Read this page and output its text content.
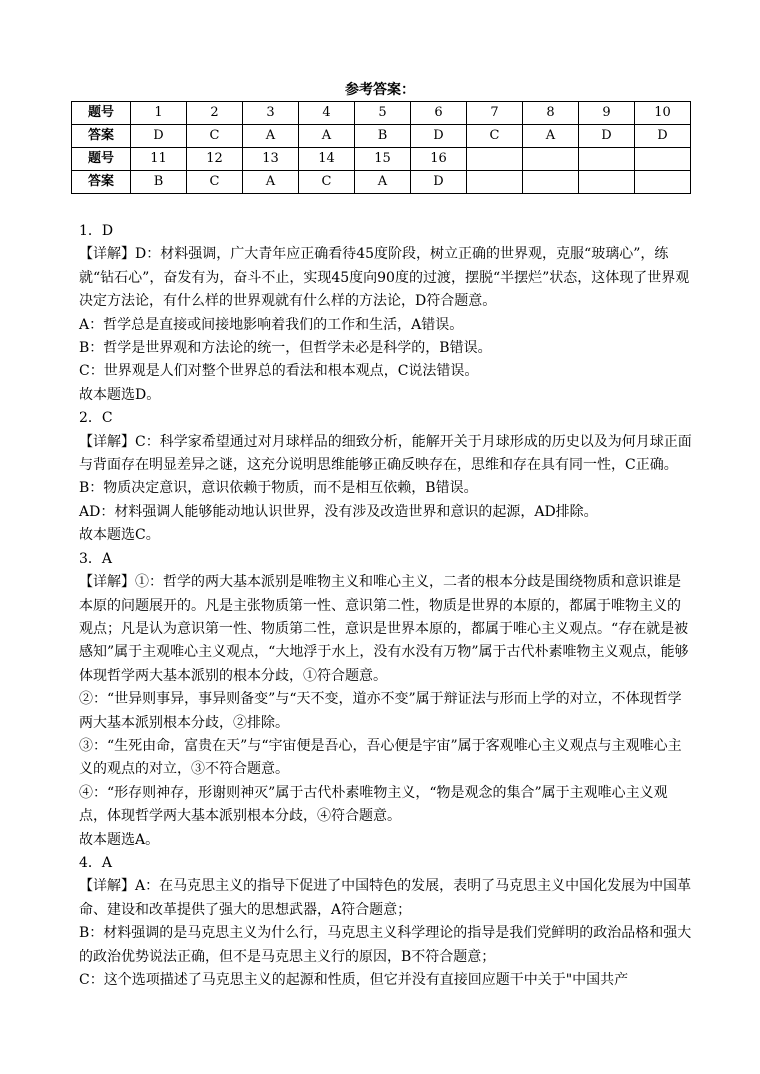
参考答案：
题号	1	2	3	4	5	6	7	8	9	10
答案	D	C	A	A	B	D	C	A	D	D
题号	11	12	13	14	15	16				
答案	B	C	A	C	A	D				

1．D

【详解】D：材料强调，广大青年应正确看待45度阶段，树立正确的世界观，克服“玻璃心”，练就“钻石心”，奋发有为，奋斗不止，实现45度向90度的过渡，摆脱“半摆烂”状态，这体现了世界观决定方法论，有什么样的世界观就有什么样的方法论，D符合题意。

A：哲学总是直接或间接地影响着我们的工作和生活，A错误。

B：哲学是世界观和方法论的统一，但哲学未必是科学的，B错误。

C：世界观是人们对整个世界总的看法和根本观点，C说法错误。

故本题选D。

2．C

【详解】C：科学家希望通过对月球样品的细致分析，能解开关于月球形成的历史以及为何月球正面与背面存在明显差异之谜，这充分说明思维能够正确反映存在，思维和存在具有同一性，C正确。

B：物质决定意识，意识依赖于物质，而不是相互依赖，B错误。

AD：材料强调人能够能动地认识世界，没有涉及改造世界和意识的起源，AD排除。

故本题选C。

3．A

【详解】①：哲学的两大基本派别是唯物主义和唯心主义，二者的根本分歧是围绕物质和意识谁是本原的问题展开的。凡是主张物质第一性、意识第二性，物质是世界的本原的，都属于唯物主义的观点；凡是认为意识第一性、物质第二性，意识是世界本原的，都属于唯心主义观点。“存在就是被感知”属于主观唯心主义观点，“大地浮于水上，没有水没有万物”属于古代朴素唯物主义观点，能够体现哲学两大基本派别的根本分歧，①符合题意。

②：“世异则事异，事异则备变”与“天不变，道亦不变”属于辩证法与形而上学的对立，不体现哲学两大基本派别根本分歧，②排除。

③：“生死由命，富贵在天”与“宇宙便是吾心，吾心便是宇宙”属于客观唯心主义观点与主观唯心主义的观点的对立，③不符合题意。

④：“形存则神存，形谢则神灭”属于古代朴素唯物主义，“物是观念的集合”属于主观唯心主义观点，体现哲学两大基本派别根本分歧，④符合题意。

故本题选A。

4．A

【详解】A：在马克思主义的指导下促进了中国特色的发展，表明了马克思主义中国化发展为中国革命、建设和改革提供了强大的思想武器，A符合题意；

B：材料强调的是马克思主义为什么行，马克思主义科学理论的指导是我们党鲜明的政治品格和强大的政治优势说法正确，但不是马克思主义行的原因，B不符合题意；

C：这个选项描述了马克思主义的起源和性质，但它并没有直接回应题干中关于"中国共产
